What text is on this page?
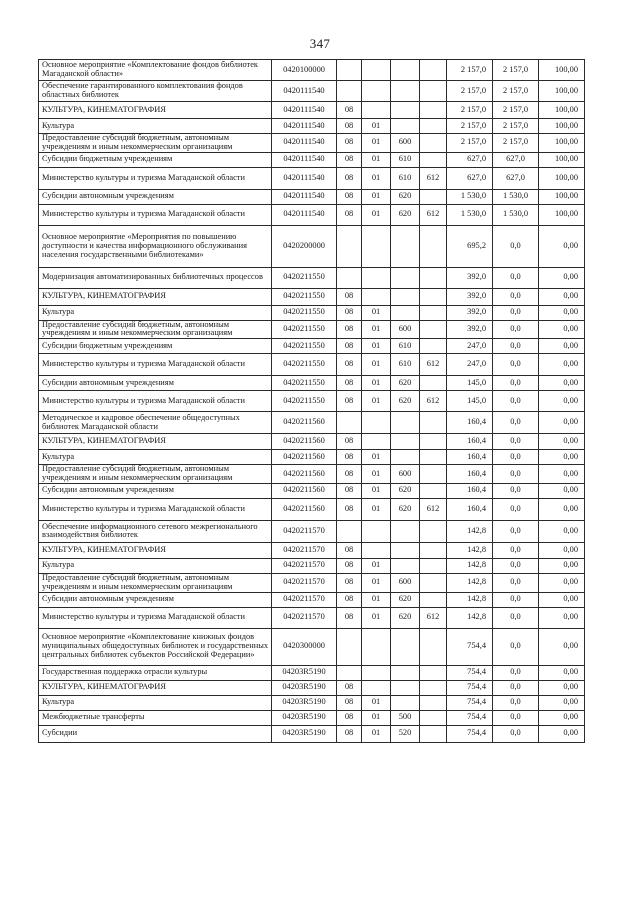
347
Основное мероприятие «Комплектование фондов библиотек Магаданской области»	0420100000					2 157,0	2 157,0	100,00
Обеспечение гарантированного комплектования фондов областных библиотек	0420111540					2 157,0	2 157,0	100,00
КУЛЬТУРА, КИНЕМАТОГРАФИЯ	0420111540	08				2 157,0	2 157,0	100,00
Культура	0420111540	08	01			2 157,0	2 157,0	100,00
Предоставление субсидий бюджетным, автономным учреждениям и иным некоммерческим организациям	0420111540	08	01	600		2 157,0	2 157,0	100,00
Субсидии бюджетным учреждениям	0420111540	08	01	610		627,0	627,0	100,00
Министерство культуры и туризма Магаданской области	0420111540	08	01	610	612	627,0	627,0	100,00
Субсидии автономным учреждениям	0420111540	08	01	620		1 530,0	1 530,0	100,00
Министерство культуры и туризма Магаданской области	0420111540	08	01	620	612	1 530,0	1 530,0	100,00
Основное мероприятие «Мероприятия по повышению доступности и качества информационного обслуживания населения государственными библиотеками»	0420200000					695,2	0,0	0,00
Модернизация автоматизированных библиотечных процессов	0420211550					392,0	0,0	0,00
КУЛЬТУРА, КИНЕМАТОГРАФИЯ	0420211550	08				392,0	0,0	0,00
Культура	0420211550	08	01			392,0	0,0	0,00
Предоставление субсидий бюджетным, автономным учреждениям и иным некоммерческим организациям	0420211550	08	01	600		392,0	0,0	0,00
Субсидии бюджетным учреждениям	0420211550	08	01	610		247,0	0,0	0,00
Министерство культуры и туризма Магаданской области	0420211550	08	01	610	612	247,0	0,0	0,00
Субсидии автономным учреждениям	0420211550	08	01	620		145,0	0,0	0,00
Министерство культуры и туризма Магаданской области	0420211550	08	01	620	612	145,0	0,0	0,00
Методическое и кадровое обеспечение общедоступных библиотек Магаданской области	0420211560					160,4	0,0	0,00
КУЛЬТУРА, КИНЕМАТОГРАФИЯ	0420211560	08				160,4	0,0	0,00
Культура	0420211560	08	01			160,4	0,0	0,00
Предоставление субсидий бюджетным, автономным учреждениям и иным некоммерческим организациям	0420211560	08	01	600		160,4	0,0	0,00
Субсидии автономным учреждениям	0420211560	08	01	620		160,4	0,0	0,00
Министерство культуры и туризма Магаданской области	0420211560	08	01	620	612	160,4	0,0	0,00
Обеспечение информационного сетевого межрегионального взаимодействия библиотек	0420211570					142,8	0,0	0,00
КУЛЬТУРА, КИНЕМАТОГРАФИЯ	0420211570	08				142,8	0,0	0,00
Культура	0420211570	08	01			142,8	0,0	0,00
Предоставление субсидий бюджетным, автономным учреждениям и иным некоммерческим организациям	0420211570	08	01	600		142,8	0,0	0,00
Субсидии автономным учреждениям	0420211570	08	01	620		142,8	0,0	0,00
Министерство культуры и туризма Магаданской области	0420211570	08	01	620	612	142,8	0,0	0,00
Основное мероприятие «Комплектование книжных фондов муниципальных общедоступных библиотек и государственных центральных библиотек субъектов Российской Федерации»	0420300000					754,4	0,0	0,00
Государственная поддержка отрасли культуры	04203R5190					754,4	0,0	0,00
КУЛЬТУРА, КИНЕМАТОГРАФИЯ	04203R5190	08				754,4	0,0	0,00
Культура	04203R5190	08	01			754,4	0,0	0,00
Межбюджетные трансферты	04203R5190	08	01	500		754,4	0,0	0,00
Субсидии	04203R5190	08	01	520		754,4	0,0	0,00
